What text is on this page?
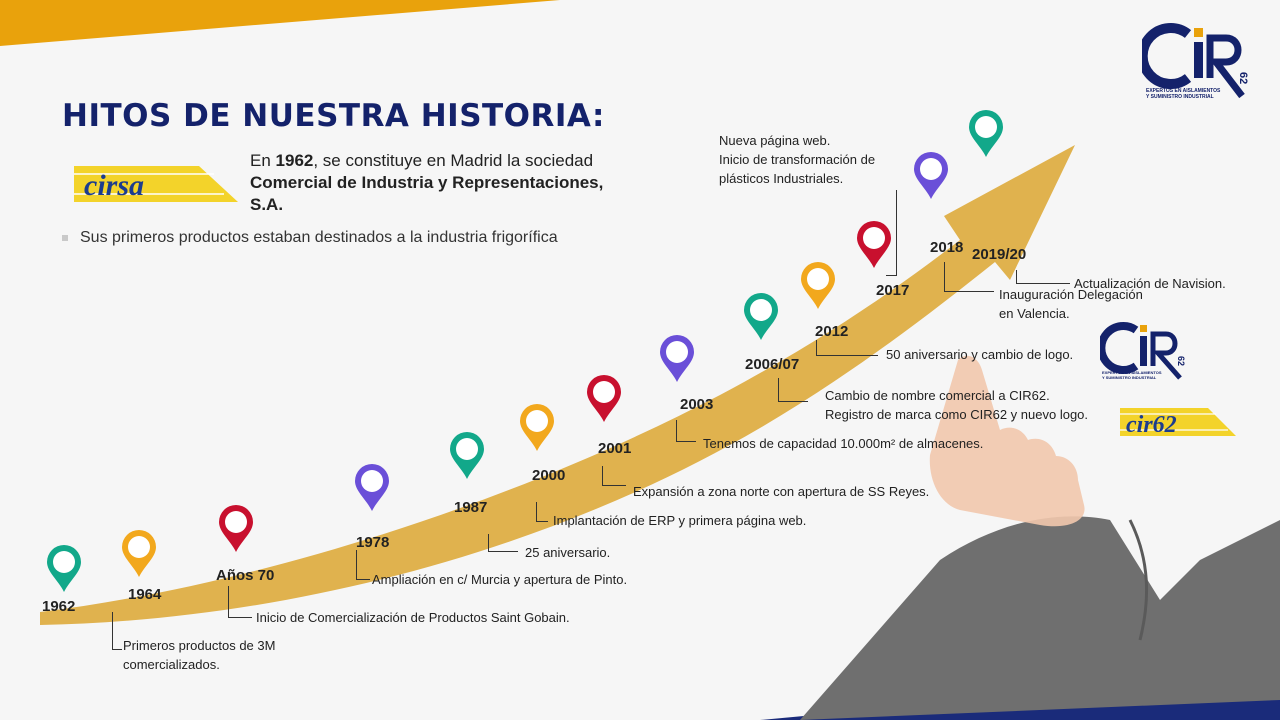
HITOS DE NUESTRA HISTORIA:
cirsa
En 1962, se constituye en Madrid la sociedad Comercial de Industria y Representaciones, S.A.
Sus primeros productos estaban destinados a la industria frigorífica
62
EXPERTOS EN AISLAMIENTOS
Y SUMINISTRO INDUSTRIAL
62
EXPERTOS EN AISLAMIENTOS
Y SUMINISTRO INDUSTRIAL
cir62
1962
1964
Años 70
1978
1987
2000
2001
2003
2006/07
2012
2017
2018 2019/20
Primeros productos de 3M
comercializados.
Inicio de Comercialización de Productos Saint Gobain.
Ampliación en c/ Murcia y apertura de Pinto.
25 aniversario.
Implantación de ERP y primera página web.
Expansión a zona norte con apertura de SS Reyes.
Tenemos de capacidad 10.000m² de almacenes.
Cambio de nombre comercial a CIR62.
Registro de marca como CIR62 y nuevo logo.
50 aniversario y cambio de logo.
Nueva página web.
Inicio de transformación de
plásticos Industriales.
Inauguración Delegación
en Valencia.
Actualización de Navision.
